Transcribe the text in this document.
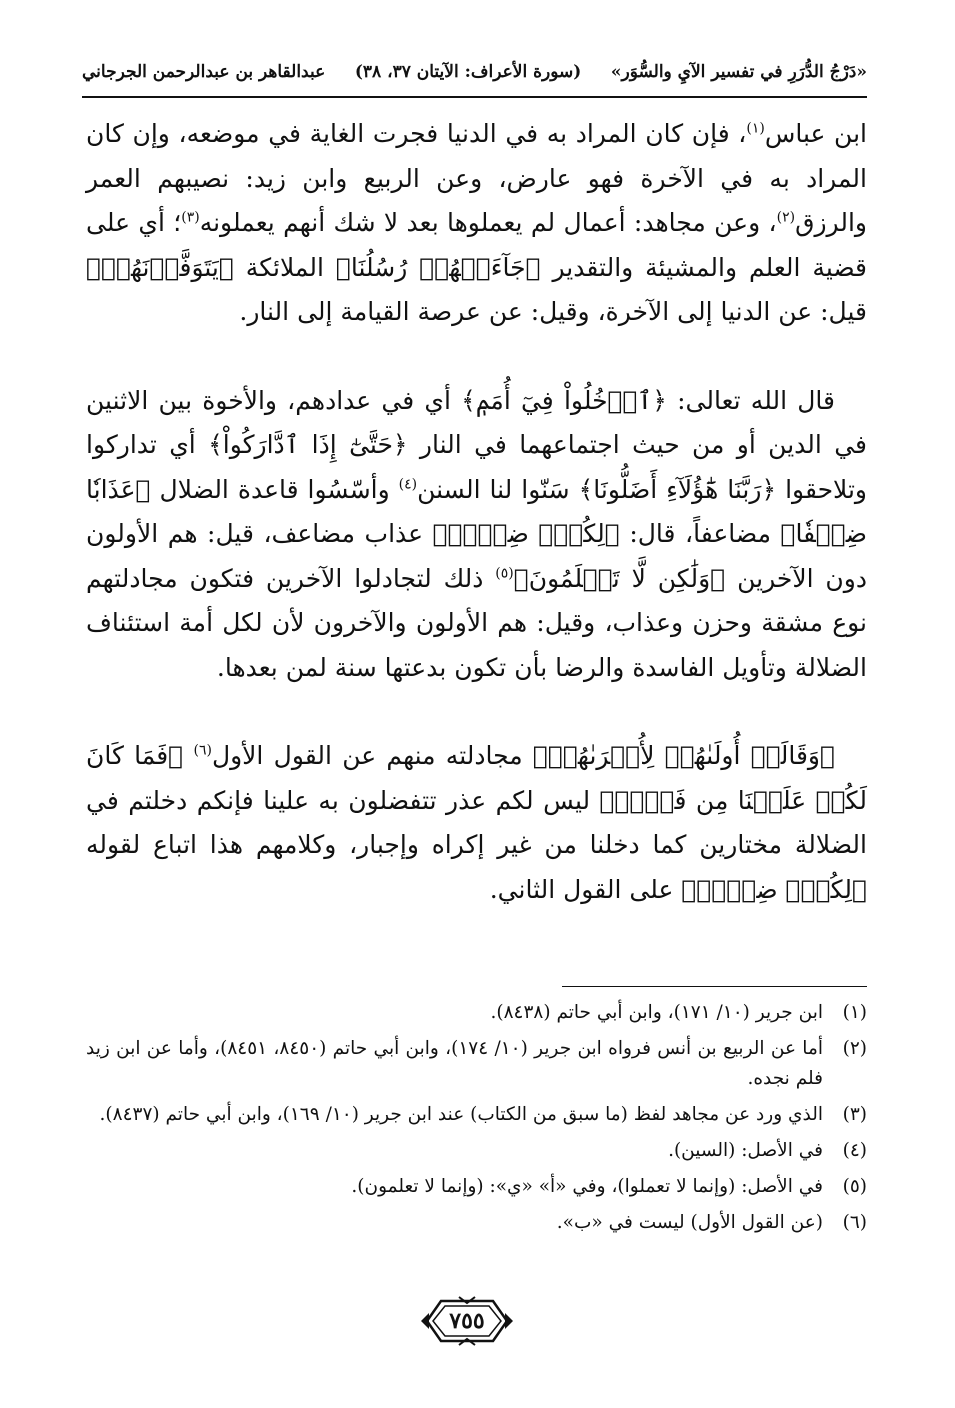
«دَرْجُ الدُّرَرِ في تفسير الآيِ والسُّوَر»
(سورة الأعراف: الآيتان ٣٧، ٣٨)
عبدالقاهر بن عبدالرحمن الجرجاني

ابن عباس$^{(١)}$، فإن كان المراد به في الدنيا فجرت الغاية في موضعه، وإن كان المراد به في الآخرة فهو عارض، وعن الربيع وابن زيد: نصيبهم العمر والرزق$^{(٢)}$، وعن مجاهد: أعمال لم يعملوها بعد لا شك أنهم يعملونه$^{(٣)}$؛ أي على قضية العلم والمشيئة والتقدير ﴿جَآءَتۡهُمۡ رُسُلُنَا﴾ الملائكة ﴿يَتَوَفَّوۡنَهُمۡ﴾ قيل: عن الدنيا إلى الآخرة، وقيل: عن عرصة القيامة إلى النار.

قال الله تعالى: ﴿ٱدۡخُلُواْ فِيٓ أُمَمٖ﴾ أي في عدادهم، والأخوة بين الاثنين في الدين أو من حيث اجتماعهما في النار ﴿حَتَّىٰٓ إِذَا ٱدَّارَكُواْ﴾ أي تداركوا وتلاحقوا ﴿رَبَّنَا هَٰٓؤُلَآءِ أَضَلُّونَا﴾ سَنّوا لنا السنن$^{(٤)}$ وأسّسُوا قاعدة الضلال ﴿عَذَابٗا ضِعۡفٗا﴾ مضاعفاً، قال: ﴿لِكُلّٖ ضِعۡفٞ﴾ عذاب مضاعف، قيل: هم الأولون دون الآخرين ﴿وَلَٰكِن لَّا تَعۡلَمُونَ﴾$^{(٥)}$ ذلك لتجادلوا الآخرين فتكون مجادلتهم نوع مشقة وحزن وعذاب، وقيل: هم الأولون والآخرون لأن لكل أمة استئناف الضلالة وتأويل الفاسدة والرضا بأن تكون بدعتها سنة لمن بعدها.

﴿وَقَالَتۡ أُولَىٰهُمۡ لِأُخۡرَىٰهُمۡ﴾ مجادلته منهم عن القول الأول$^{(٦)}$ ﴿فَمَا كَانَ لَكُمۡ عَلَيۡنَا مِن فَضۡلٖ﴾ ليس لكم عذر تتفضلون به علينا فإنكم دخلتم في الضلالة مختارين كما دخلنا من غير إكراه وإجبار، وكلامهم هذا اتباع لقوله ﴿لِكُلّٖ ضِعۡفٞ﴾ على القول الثاني.

(١)
ابن جرير (١٠/ ١٧١)، وابن أبي حاتم (٨٤٣٨).
(٢)
أما عن الربيع بن أنس فرواه ابن جرير (١٠/ ١٧٤)، وابن أبي حاتم (٨٤٥٠، ٨٤٥١)، وأما عن ابن زيد فلم نجده.
(٣)
الذي ورد عن مجاهد لفظ (ما سبق من الكتاب) عند ابن جرير (١٠/ ١٦٩)، وابن أبي حاتم (٨٤٣٧).
(٤)
في الأصل: (السين).
(٥)
في الأصل: (وإنما لا تعملوا)، وفي «أ» «ي»: (وإنما لا تعلمون).
(٦)
(عن القول الأول) ليست في «ب».
٧٥٥
